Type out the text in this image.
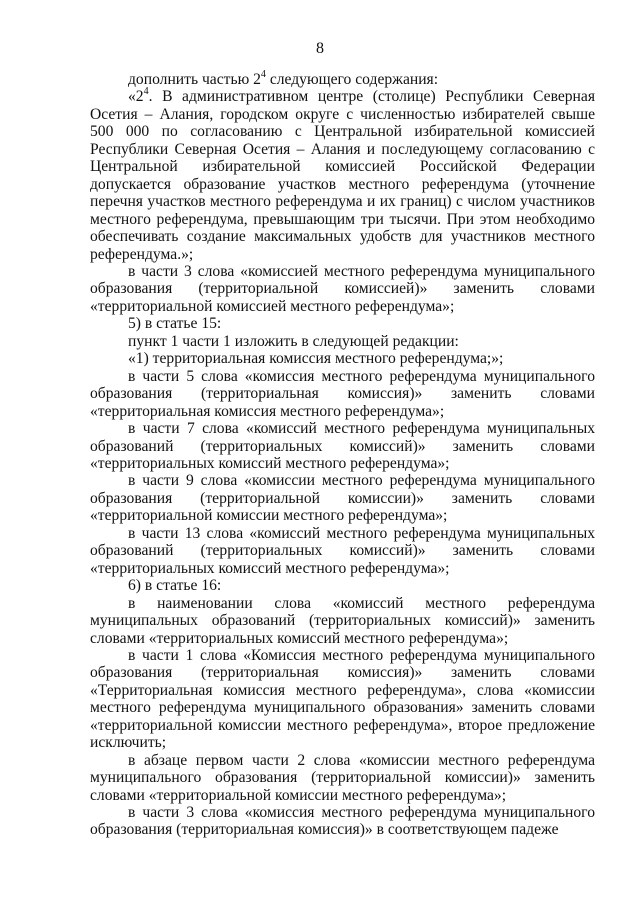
8

дополнить частью $2^4$ следующего содержания:

«$2^4$. В административном центре (столице) Республики Северная Осетия – Алания, городском округе с численностью избирателей свыше 500 000 по согласованию с Центральной избирательной комиссией Республики Северная Осетия – Алания и последующему согласованию с Центральной избирательной комиссией Российской Федерации допускается образование участков местного референдума (уточнение перечня участков местного референдума и их границ) с числом участников местного референдума, превышающим три тысячи. При этом необходимо обеспечивать создание максимальных удобств для участников местного референдума.»;

в части 3 слова «комиссией местного референдума муниципального образования (территориальной комиссией)» заменить словами «территориальной комиссией местного референдума»;

5) в статье 15:

пункт 1 части 1 изложить в следующей редакции:

«1) территориальная комиссия местного референдума;»;

в части 5 слова «комиссия местного референдума муниципального образования (территориальная комиссия)» заменить словами «территориальная комиссия местного референдума»;

в части 7 слова «комиссий местного референдума муниципальных образований (территориальных комиссий)» заменить словами «территориальных комиссий местного референдума»;

в части 9 слова «комиссии местного референдума муниципального образования (территориальной комиссии)» заменить словами «территориальной комиссии местного референдума»;

в части 13 слова «комиссий местного референдума муниципальных образований (территориальных комиссий)» заменить словами «территориальных комиссий местного референдума»;

6) в статье 16:

в наименовании слова «комиссий местного референдума муниципальных образований (территориальных комиссий)» заменить словами «территориальных комиссий местного референдума»;

в части 1 слова «Комиссия местного референдума муниципального образования (территориальная комиссия)» заменить словами «Территориальная комиссия местного референдума», слова «комиссии местного референдума муниципального образования» заменить словами «территориальной комиссии местного референдума», второе предложение исключить;

в абзаце первом части 2 слова «комиссии местного референдума муниципального образования (территориальной комиссии)» заменить словами «территориальной комиссии местного референдума»;

в части 3 слова «комиссия местного референдума муниципального образования (территориальная комиссия)» в соответствующем падеже
